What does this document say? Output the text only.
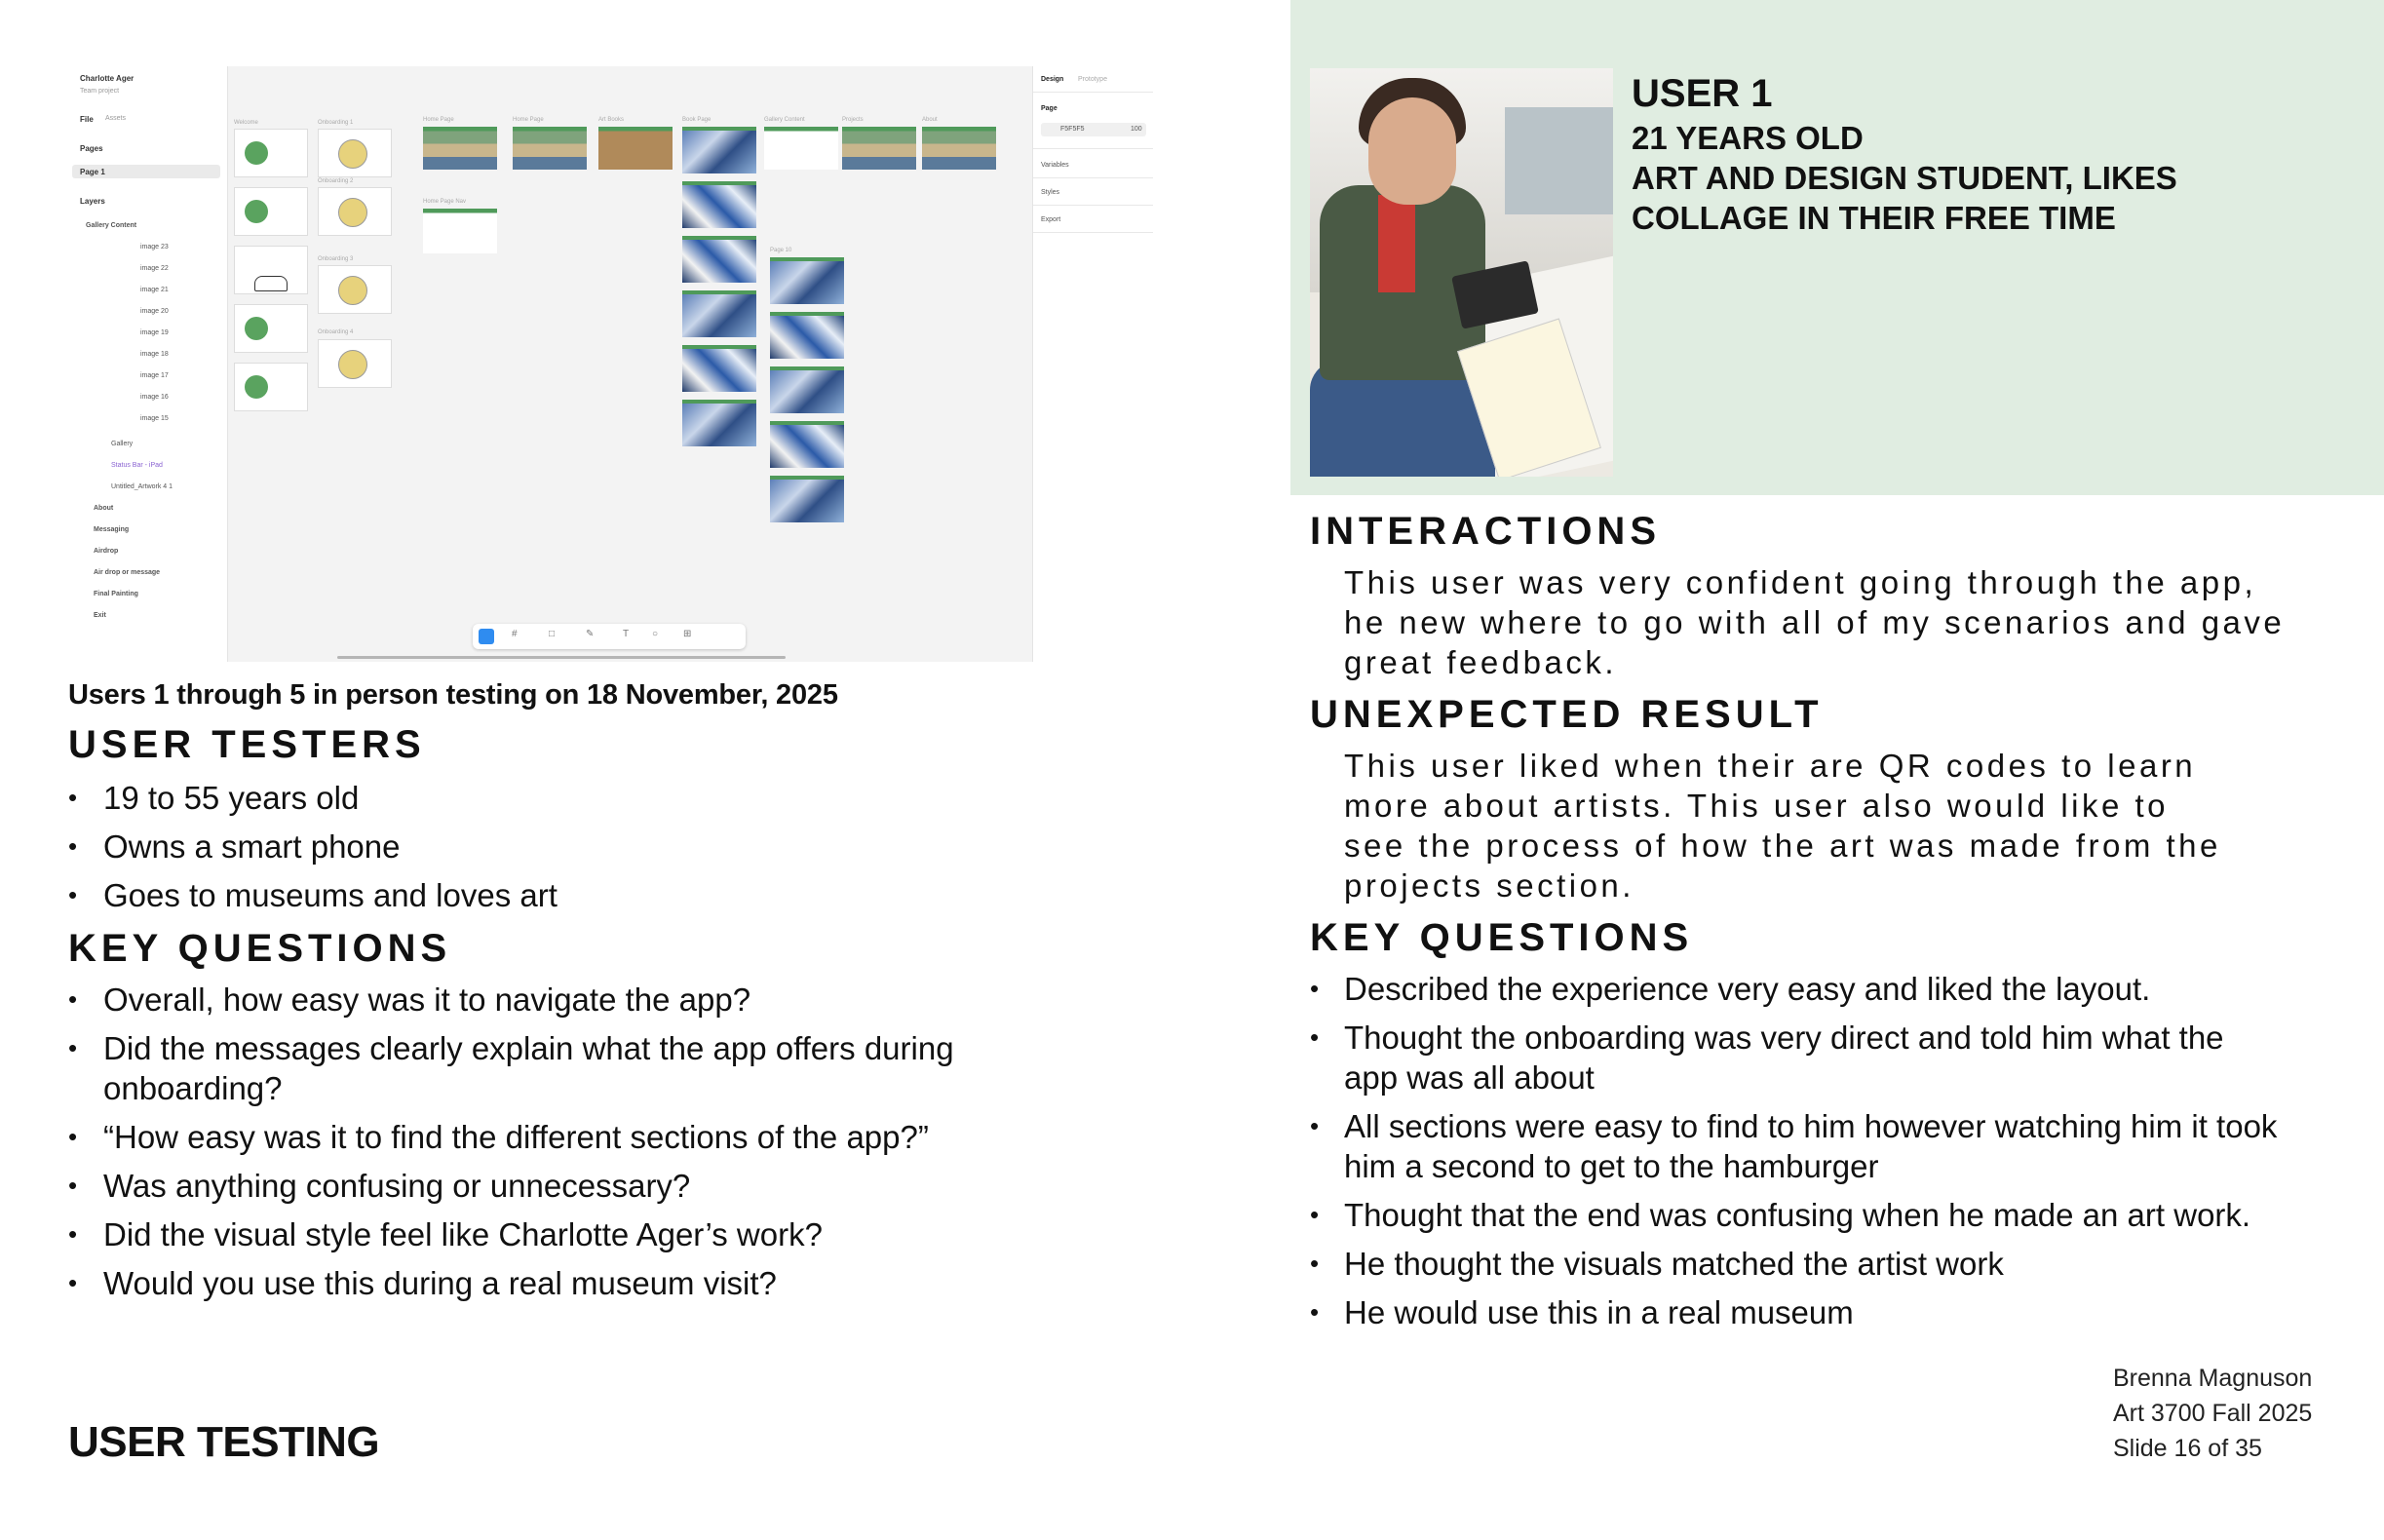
Charlotte Ager
Team project
File Assets
Pages
Page 1
Layers
Gallery Content
image 23
image 22
image 21
image 20
image 19
image 18
image 17
image 16
image 15
Gallery
Status Bar - iPad
Untitled_Artwork 4 1
About
Messaging
Airdrop
Air drop or message
Final Painting
Exit
Welcome	Onboarding 1
Onboarding 2
Onboarding 3
Onboarding 4
Home Page
Home Page Nav
Home Page	Art Books	Book Page	Gallery Content
Page 10
Projects	About
Design Prototype
Page
F5F5F5	100
Variables
Styles
Export
#	□	✎	T	○	⊞
Users 1 through 5 in person testing on 18 November, 2025
USER TESTERS
• 19 to 55 years old
• Owns a smart phone
• Goes to museums and loves art
KEY QUESTIONS
• Overall, how easy was it to navigate the app?
• Did the messages clearly explain what the app offers during
onboarding?
• “How easy was it to find the different sections of the app?”
• Was anything confusing or unnecessary?
• Did the visual style feel like Charlotte Ager’s work?
• Would you use this during a real museum visit?
USER TESTING
USER 1
21 YEARS OLD
ART AND DESIGN STUDENT, LIKES
COLLAGE IN THEIR FREE TIME
INTERACTIONS
This user was very confident going through the app,
he new where to go with all of my scenarios and gave
great feedback.
UNEXPECTED RESULT
This user liked when their are QR codes to learn
more about artists. This user also would like to
see the process of how the art was made from the
projects section.
KEY QUESTIONS
• Described the experience very easy and liked the layout.
• Thought the onboarding was very direct and told him what the
app was all about
• All sections were easy to find to him however watching him it took
him a second to get to the hamburger
• Thought that the end was confusing when he made an art work.
• He thought the visuals matched the artist work
• He would use this in a real museum
Brenna Magnuson
Art 3700 Fall 2025
Slide 16 of 35
